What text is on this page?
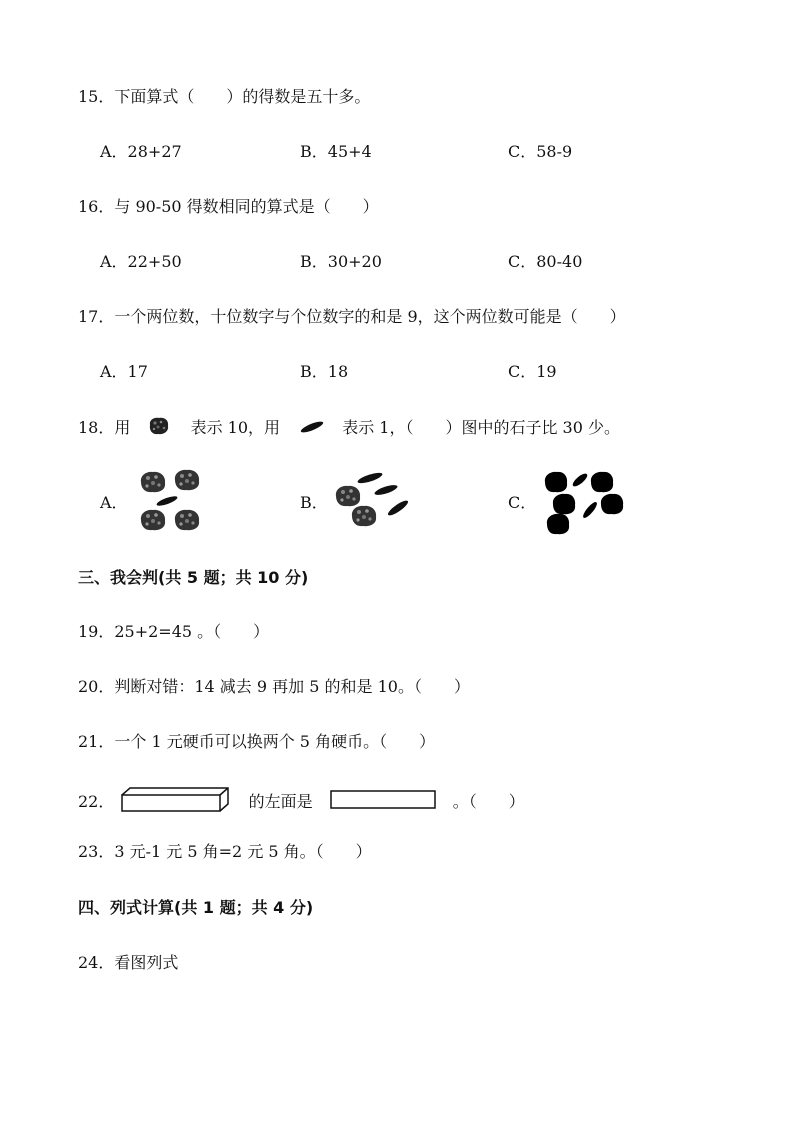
15．下面算式（　　）的得数是五十多。
A．28+27	B．45+4	C．58-9
16．与 90-50 得数相同的算式是（　　）
A．22+50	B．30+20	C．80-40
17．一个两位数，十位数字与个位数字的和是 9，这个两位数可能是（　　）
A．17	B．18	C．19
18．用	表示 10，用	表示 1，（　　）图中的石子比 30 少。
A．	B．	C．
三、我会判(共 5 题；共 10 分)
19．25+2=45 。（　　）
20．判断对错：14 减去 9 再加 5 的和是 10。（　　）
21．一个 1 元硬币可以换两个 5 角硬币。（　　）
22．	的左面是	。（　　）
23．3 元-1 元 5 角=2 元 5 角。（　　）
四、列式计算(共 1 题；共 4 分)
24．看图列式
